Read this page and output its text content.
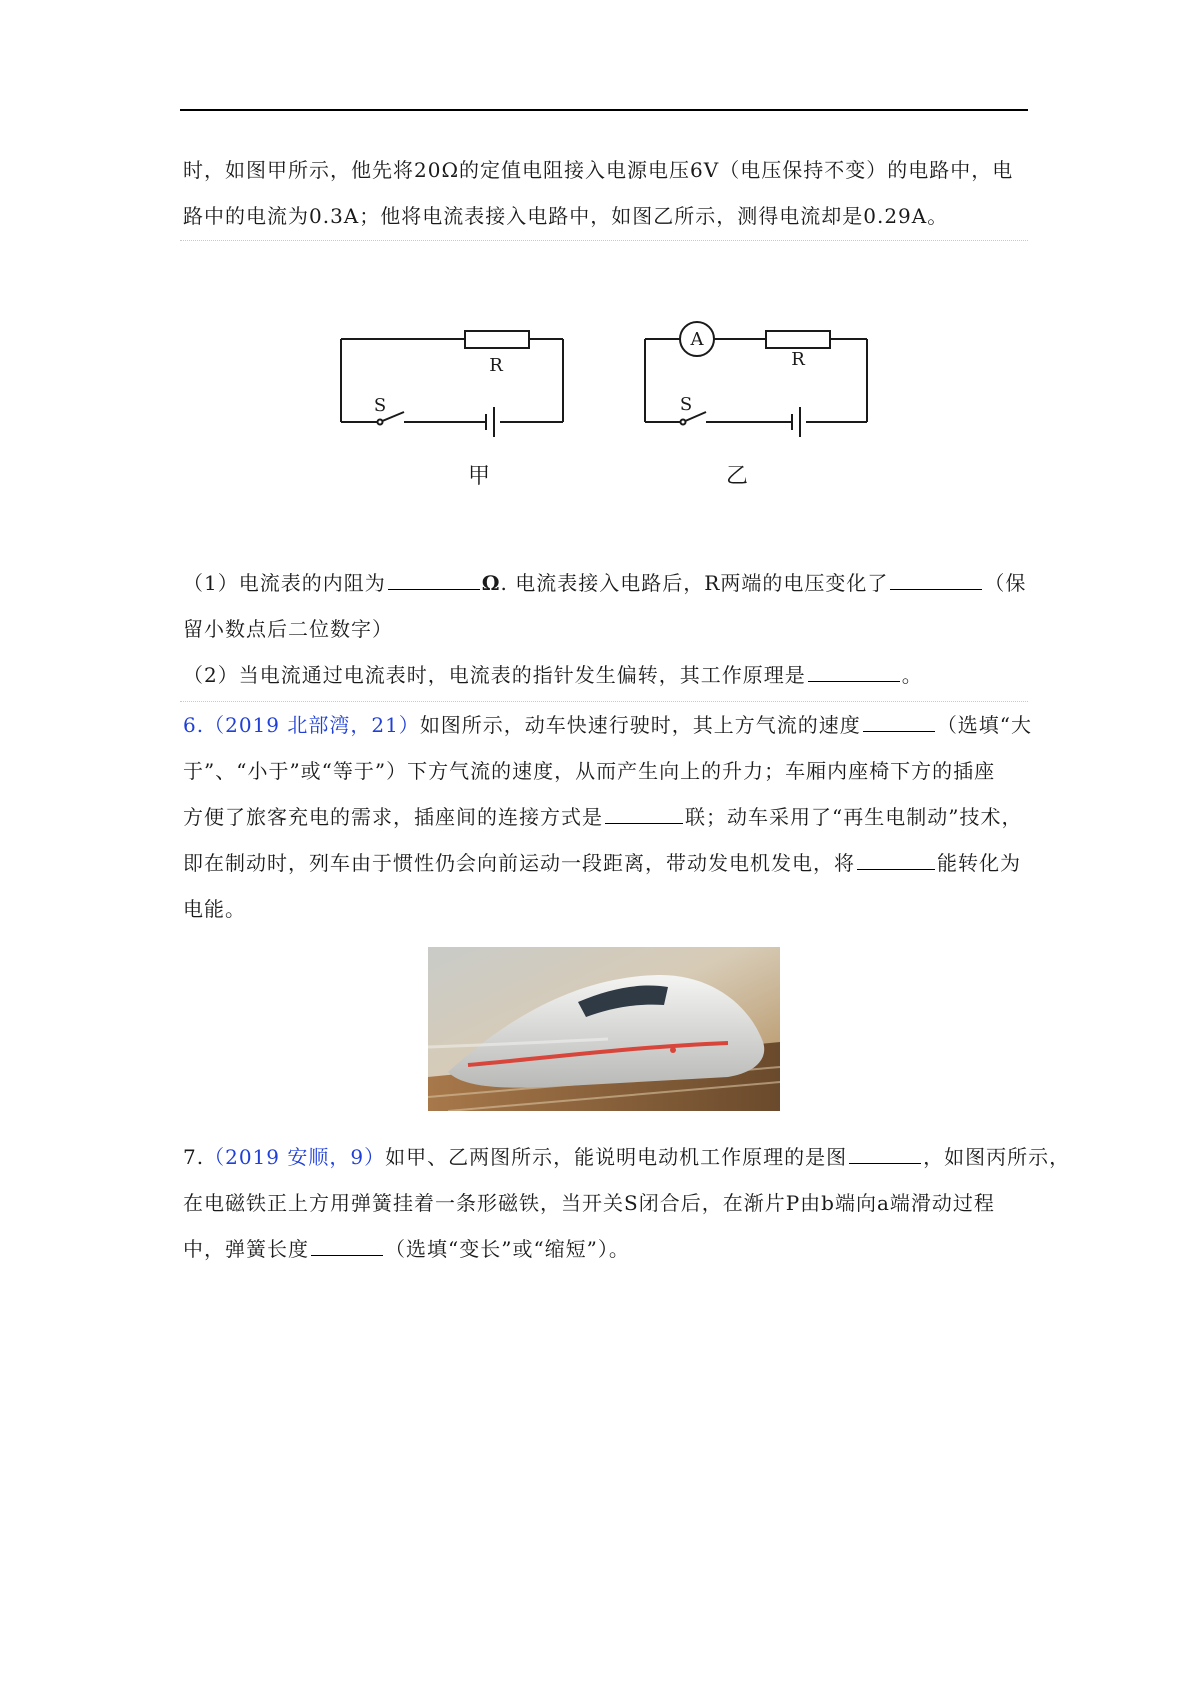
时，如图甲所示，他先将20Ω的定值电阻接入电源电压6V（电压保持不变）的电路中，电

路中的电流为0.3A；他将电流表接入电路中，如图乙所示，测得电流却是0.29A。

R
S
甲
A
R
S
乙

（1）电流表的内阻为	Ω. 电流表接入电路后，R两端的电压变化了	（保

留小数点后二位数字）

（2）当电流通过电流表时，电流表的指针发生偏转，其工作原理是	。

6.（2019 北部湾，21）如图所示，动车快速行驶时，其上方气流的速度	（选填“大

于”、“小于”或“等于”）下方气流的速度，从而产生向上的升力；车厢内座椅下方的插座

方便了旅客充电的需求，插座间的连接方式是	联；动车采用了“再生电制动”技术，

即在制动时，列车由于惯性仍会向前运动一段距离，带动发电机发电，将	能转化为

电能。

7.（2019 安顺，9）如甲、乙两图所示，能说明电动机工作原理的是图	，如图丙所示，

在电磁铁正上方用弹簧挂着一条形磁铁，当开关S闭合后，在渐片P由b端向a端滑动过程

中，弹簧长度	（选填“变长”或“缩短”）。
